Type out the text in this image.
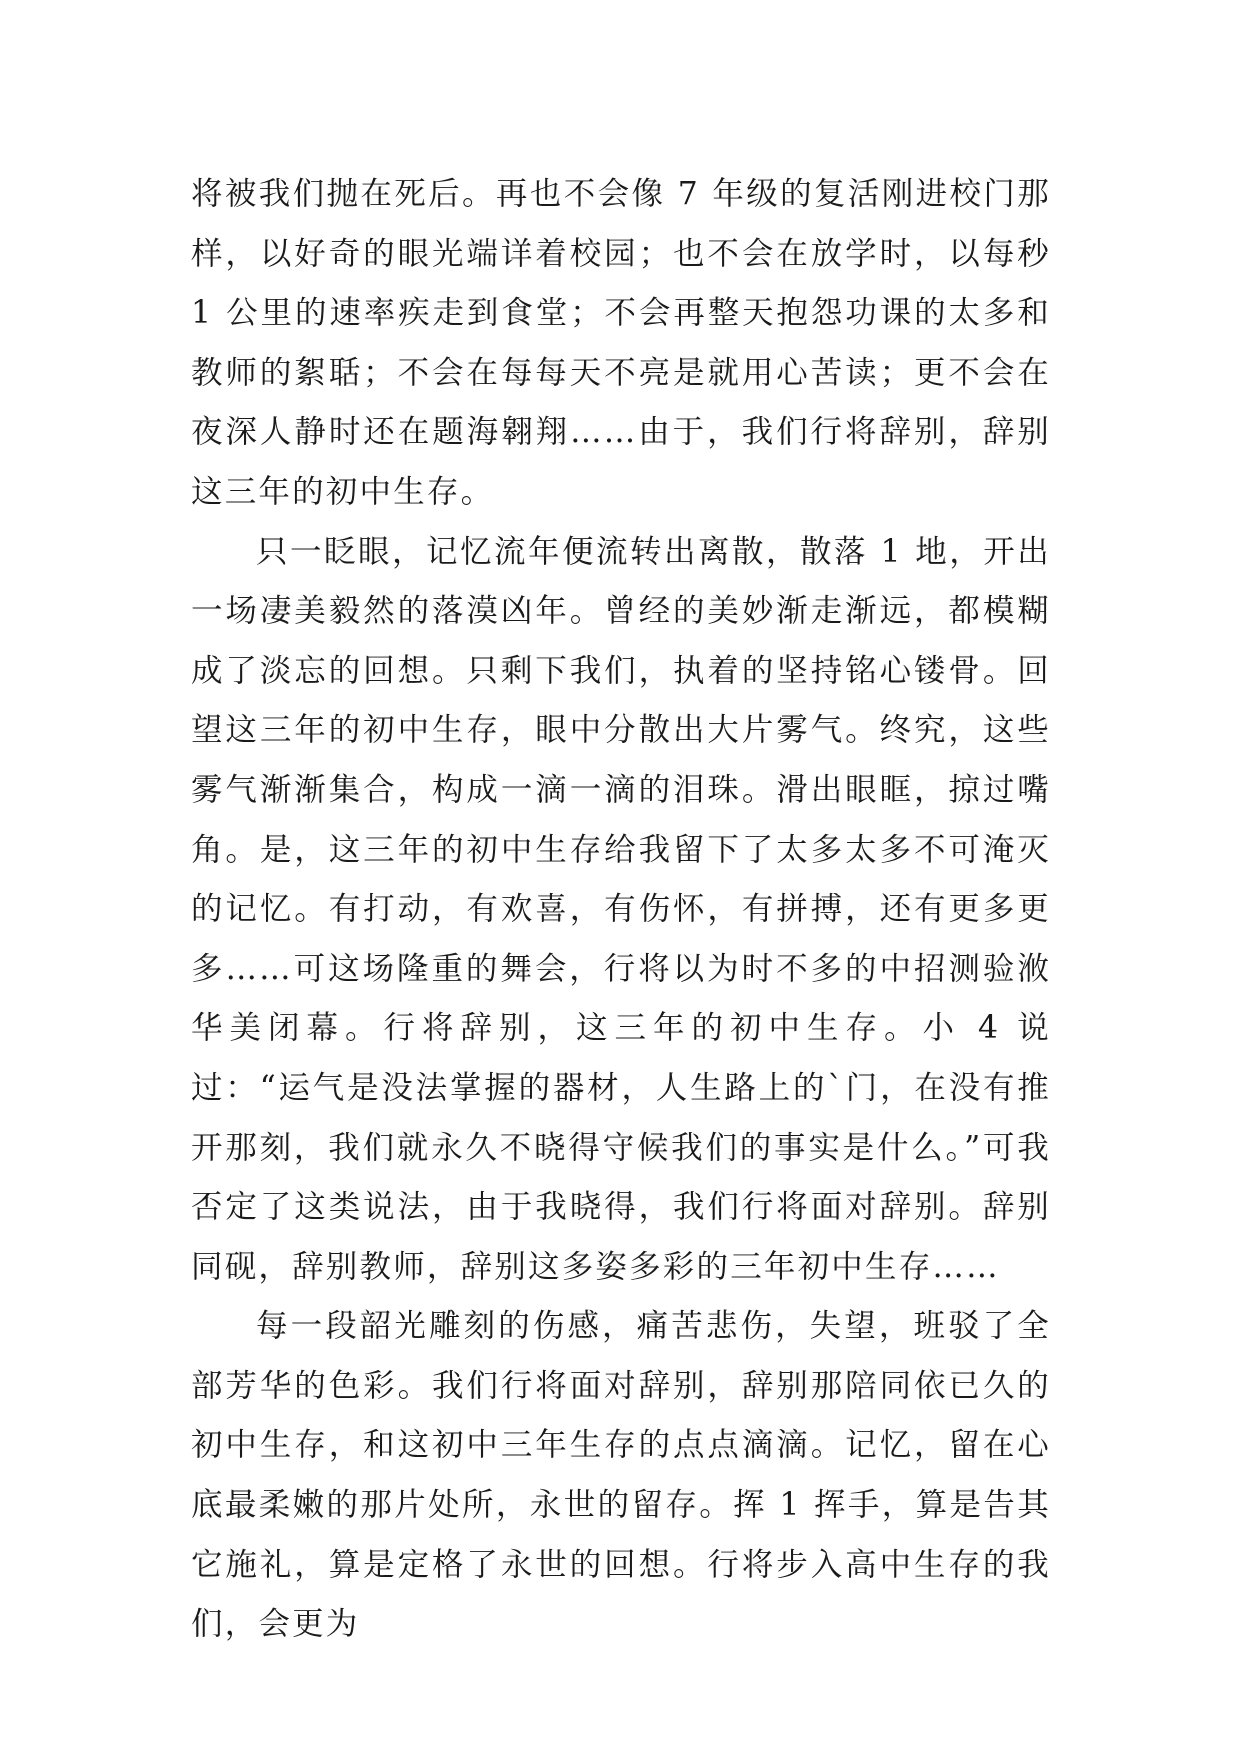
将被我们抛在死后。再也不会像 7 年级的复活刚进校门那样，以好奇的眼光端详着校园；也不会在放学时，以每秒 1 公里的速率疾走到食堂；不会再整天抱怨功课的太多和教师的絮聒；不会在每每天不亮是就用心苦读；更不会在夜深人静时还在题海翱翔……由于，我们行将辞别，辞别这三年的初中生存。

只一眨眼，记忆流年便流转出离散，散落 1 地，开出一场凄美毅然的落漠凶年。曾经的美妙渐走渐远，都模糊成了淡忘的回想。只剩下我们，执着的坚持铭心镂骨。回望这三年的初中生存，眼中分散出大片雾气。终究，这些雾气渐渐集合，构成一滴一滴的泪珠。滑出眼眶，掠过嘴角。是，这三年的初中生存给我留下了太多太多不可淹灭的记忆。有打动，有欢喜，有伤怀，有拼搏，还有更多更多……可这场隆重的舞会，行将以为时不多的中招测验浟华美闭幕。行将辞别，这三年的初中生存。小 4 说过：“运气是没法掌握的器材，人生路上的`门，在没有推开那刻，我们就永久不晓得守候我们的事实是什么。”可我否定了这类说法，由于我晓得，我们行将面对辞别。辞别同砚，辞别教师，辞别这多姿多彩的三年初中生存……

每一段韶光雕刻的伤感，痛苦悲伤，失望，班驳了全部芳华的色彩。我们行将面对辞别，辞别那陪同依已久的初中生存，和这初中三年生存的点点滴滴。记忆，留在心底最柔嫩的那片处所，永世的留存。挥 1 挥手，算是告其它施礼，算是定格了永世的回想。行将步入高中生存的我们，会更为
